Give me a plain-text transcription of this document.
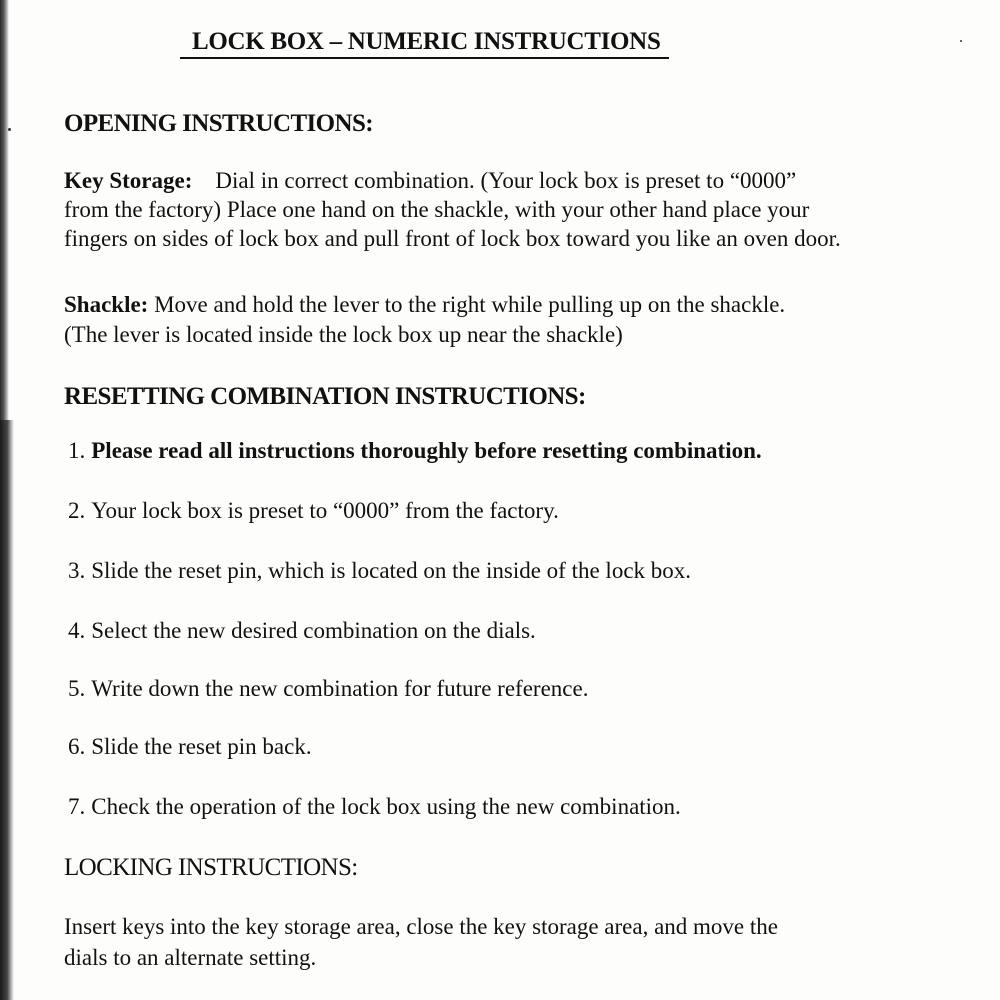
LOCK BOX – NUMERIC INSTRUCTIONS
OPENING INSTRUCTIONS:

Key Storage: Dial in correct combination. (Your lock box is preset to “0000”

from the factory) Place one hand on the shackle, with your other hand place your

fingers on sides of lock box and pull front of lock box toward you like an oven door.

Shackle: Move and hold the lever to the right while pulling up on the shackle.

(The lever is located inside the lock box up near the shackle)

RESETTING COMBINATION INSTRUCTIONS:

1. Please read all instructions thoroughly before resetting combination.

2. Your lock box is preset to “0000” from the factory.

3. Slide the reset pin, which is located on the inside of the lock box.

4. Select the new desired combination on the dials.

5. Write down the new combination for future reference.

6. Slide the reset pin back.

7. Check the operation of the lock box using the new combination.

LOCKING INSTRUCTIONS:

Insert keys into the key storage area, close the key storage area, and move the

dials to an alternate setting.
